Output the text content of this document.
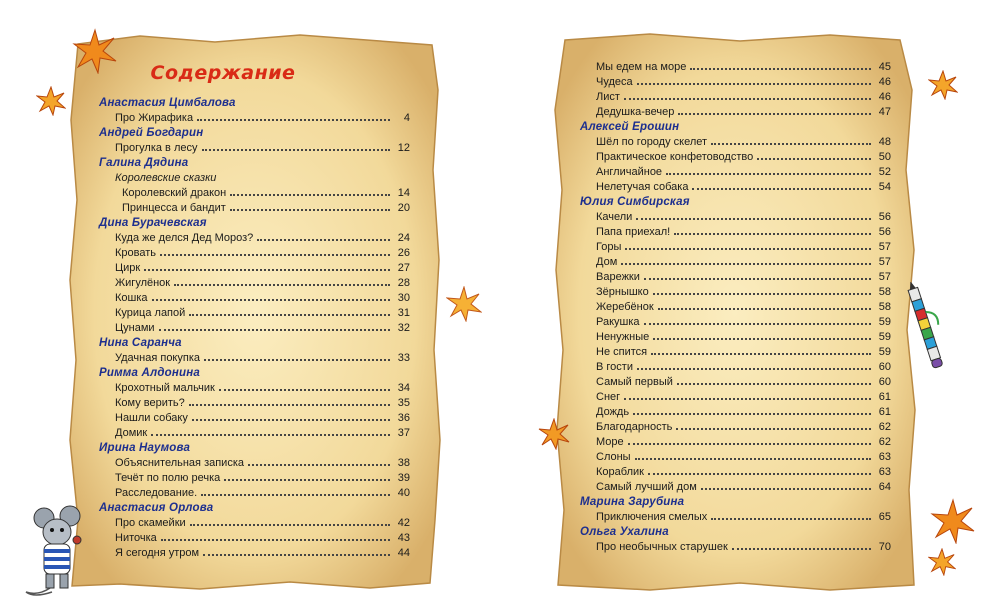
Содержание
Анастасия Цимбалова
Про Жирафика	4
Андрей Богдарин
Прогулка в лесу	12
Галина Дядина
Королевские сказки
Королевский дракон	14
Принцесса и бандит	20
Дина Бурачевская
Куда же делся Дед Мороз?	24
Кровать	26
Цирк	27
Жигулёнок	28
Кошка	30
Курица лапой	31
Цунами	32
Нина Саранча
Удачная покупка	33
Римма Алдонина
Крохотный мальчик	34
Кому верить?	35
Нашли собаку	36
Домик	37
Ирина Наумова
Объяснительная записка	38
Течёт по полю речка	39
Расследование.	40
Анастасия Орлова
Про скамейки	42
Ниточка	43
Я сегодня утром	44
Мы едем на море	45
Чудеса	46
Лист	46
Дедушка-вечер	47
Алексей Ерошин
Шёл по городу скелет	48
Практическое конфетоводство	50
Англичайное	52
Нелетучая собака	54
Юлия Симбирская
Качели	56
Папа приехал!	56
Горы	57
Дом	57
Варежки	57
Зёрнышко	58
Жеребёнок	58
Ракушка	59
Ненужные	59
Не спится	59
В гости	60
Самый первый	60
Снег	61
Дождь	61
Благодарность	62
Море	62
Слоны	63
Кораблик	63
Самый лучший дом	64
Марина Зарубина
Приключения смелых	65
Ольга Ухалина
Про необычных старушек	70
